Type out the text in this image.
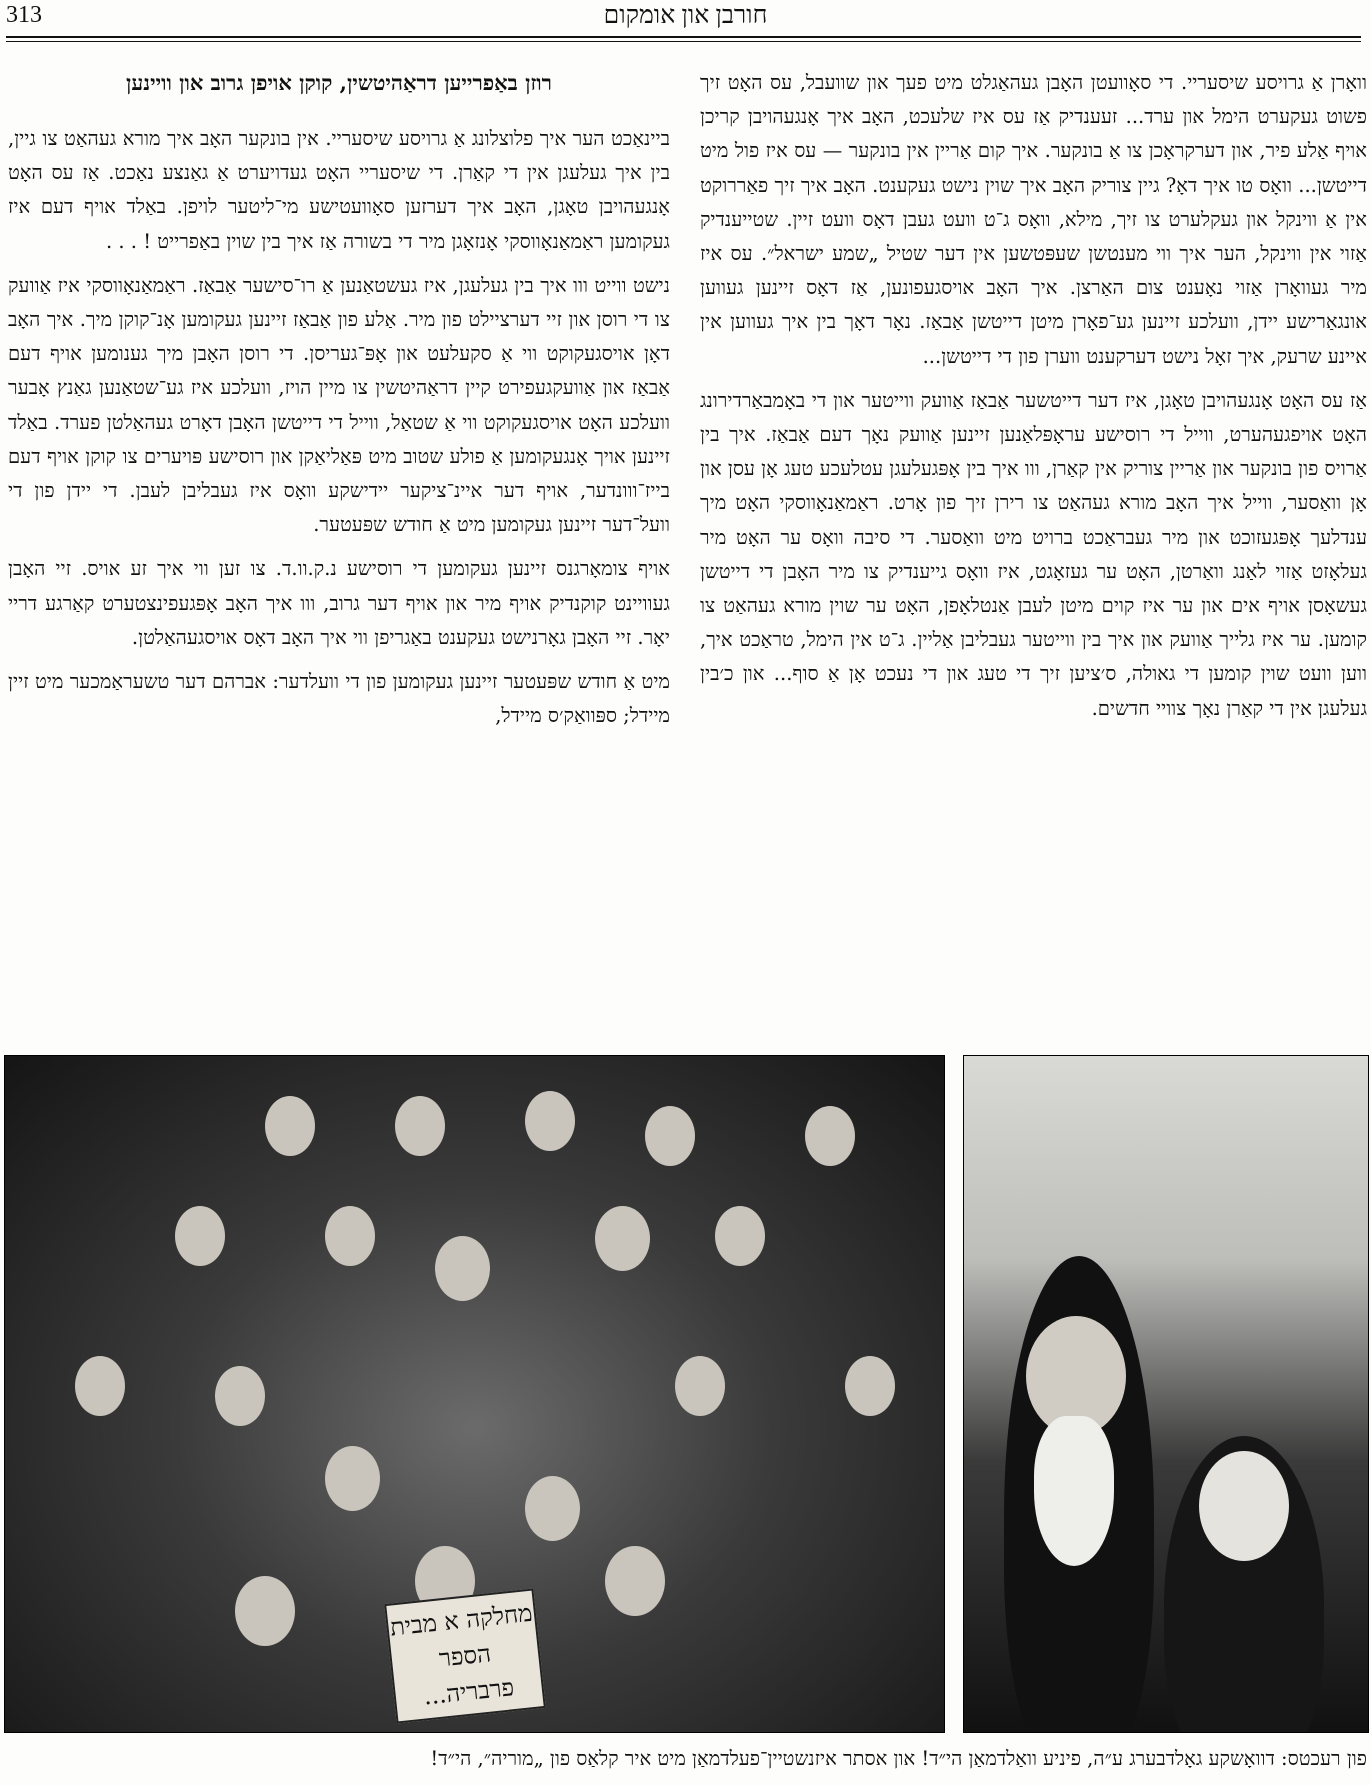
313	חורבן און אומקום

וואָרן אַ גרויסע שיסעריי. די סאָוועטן האָבן געהאַגלט מיט פעך און שוועבל, עס האָט זיך פשוט געקערט הימל און ערד... זעענדיק אַז עס איז שלעכט, האָב איך אָנגעהויבן קריכן אויף אַלע פיר, און דערקראָכן צו אַ בונקער. איך קום אַריין אין בונקער — עס איז פול מיט דייטשן... וואָס טו איך דאָ? גיין צוריק האָב איך שוין נישט געקענט. האָב איך זיך פאַררוקט אין אַ ווינקל און געקלערט צו זיך, מילא, וואָס ג־ט וועט געבן דאָס וועט זיין. שטייענדיק אַזוי אין ווינקל, הער איך ווי מענטשן שעפּטשען אין דער שטיל „שמע ישראל״. עס איז מיר געוואָרן אַזוי נאָענט צום האַרצן. איך האָב אויסגעפונען, אַז דאָס זיינען געווען אונגאַרישע יידן, וועלכע זיינען גע־פאָרן מיטן דייטשן אַבאַז. נאָר דאָך בין איך געווען אין איינע שרעק, איך זאָל נישט דערקענט ווערן פון די דייטשן...

אַז עס האָט אָנגעהויבן טאָגן, איז דער דייטשער אַבאַז אַוועק ווייטער און די באָמבאַרדירונג האָט אויפגעהערט, ווייל די רוסישע עראָפּלאַנען זיינען אַוועק נאָך דעם אַבאַז. איך בין אַרויס פון בונקער און אַריין צוריק אין קאַרן, ווו איך בין אָפּגעלעגן עטלעכע טעג אָן עסן און אָן וואַסער, ווייל איך האָב מורא געהאַט צו רירן זיך פון אָרט. ראַמאַנאָווסקי האָט מיך ענדלעך אָפּגעזוכט און מיר געבראַכט ברויט מיט וואַסער. די סיבה וואָס ער האָט מיר געלאָזט אַזוי לאַנג וואַרטן, האָט ער געזאָגט, איז וואָס גייענדיק צו מיר האָבן די דייטשן געשאָסן אויף אים און ער איז קוים מיטן לעבן אַנטלאָפן, האָט ער שוין מורא געהאַט צו קומען. ער איז גלייך אַוועק און איך בין ווייטער געבליבן אַליין. ג־ט אין הימל, טראַכט איך, ווען וועט שוין קומען די גאולה, ס׳ציען זיך די טעג און די נעכט אָן אַ סוף... און כ׳בין געלעגן אין די קאַרן נאָך צוויי חדשים.

רוזן באַפרייען דראַהיטשין, קוקן אויפן גרוב און וויינען

ביינאַכט הער איך פלוצלונג אַ גרויסע שיסעריי. אין בונקער האָב איך מורא געהאַט צו גיין, בין איך געלעגן אין די קאַרן. די שיסעריי האָט געדויערט אַ גאַנצע נאַכט. אַז עס האָט אָנגעהויבן טאָגן, האָב איך דערזען סאָוועטישע מי־ליטער לויפן. באַלד אויף דעם איז געקומען ראַמאַנאָווסקי אָנזאָגן מיר די בשורה אַז איך בין שוין באַפרייט ! . . .

נישט ווייט ווו איך בין געלעגן, איז געשטאַנען אַ רו־סישער אַבאַז. ראַמאַנאָווסקי איז אַוועק צו די רוסן און זיי דערציילט פון מיר. אַלע פון אַבאַז זיינען געקומען אָנ־קוקן מיך. איך האָב דאָן אויסגעקוקט ווי אַ סקעלעט און אָפּ־געריסן. די רוסן האָבן מיך גענומען אויף דעם אַבאַז און אַוועקגעפירט קיין דראַהיטשין צו מיין הויז, וועלכע איז גע־שטאַנען גאַנץ אָבער וועלכע האָט אויסגעקוקט ווי אַ שטאַל, ווייל די דייטשן האָבן דאָרט געהאַלטן פערד. באַלד זיינען אויך אָנגעקומען אַ פולע שטוב מיט פּאַליאַקן און רוסישע פּויערים צו קוקן אויף דעם בייז־ווונדער, אויף דער איינ־ציקער יידישקע וואָס איז געבליבן לעבן. די יידן פון די וועל־דער זיינען געקומען מיט אַ חודש שפּעטער.

אויף צומאָרגנס זיינען געקומען די רוסישע נ.ק.וו.ד. צו זען ווי איך זע אויס. זיי האָבן געוויינט קוקנדיק אויף מיר און אויף דער גרוב, ווו איך האָב אָפּגעפינצטערט קאַרגע דריי יאָר. זיי האָבן גאָרנישט געקענט באַגריפן ווי איך האָב דאָס אויסגעהאַלטן.

מיט אַ חודש שפּעטער זיינען געקומען פון די וועלדער: אברהם דער טשעראַמכער מיט זיין מיידל; ספּוואַק׳ס מיידל,

מחלקה א מבית הספר פרבריה...
פון רעכטס: דוואָשקע גאָלדבערג ע״ה, פיניע וואַלדמאַן הי״ד! און אסתר איזנשטיין־פעלדמאַן מיט איר קלאַס פון „מוריה״, הי״ד!
